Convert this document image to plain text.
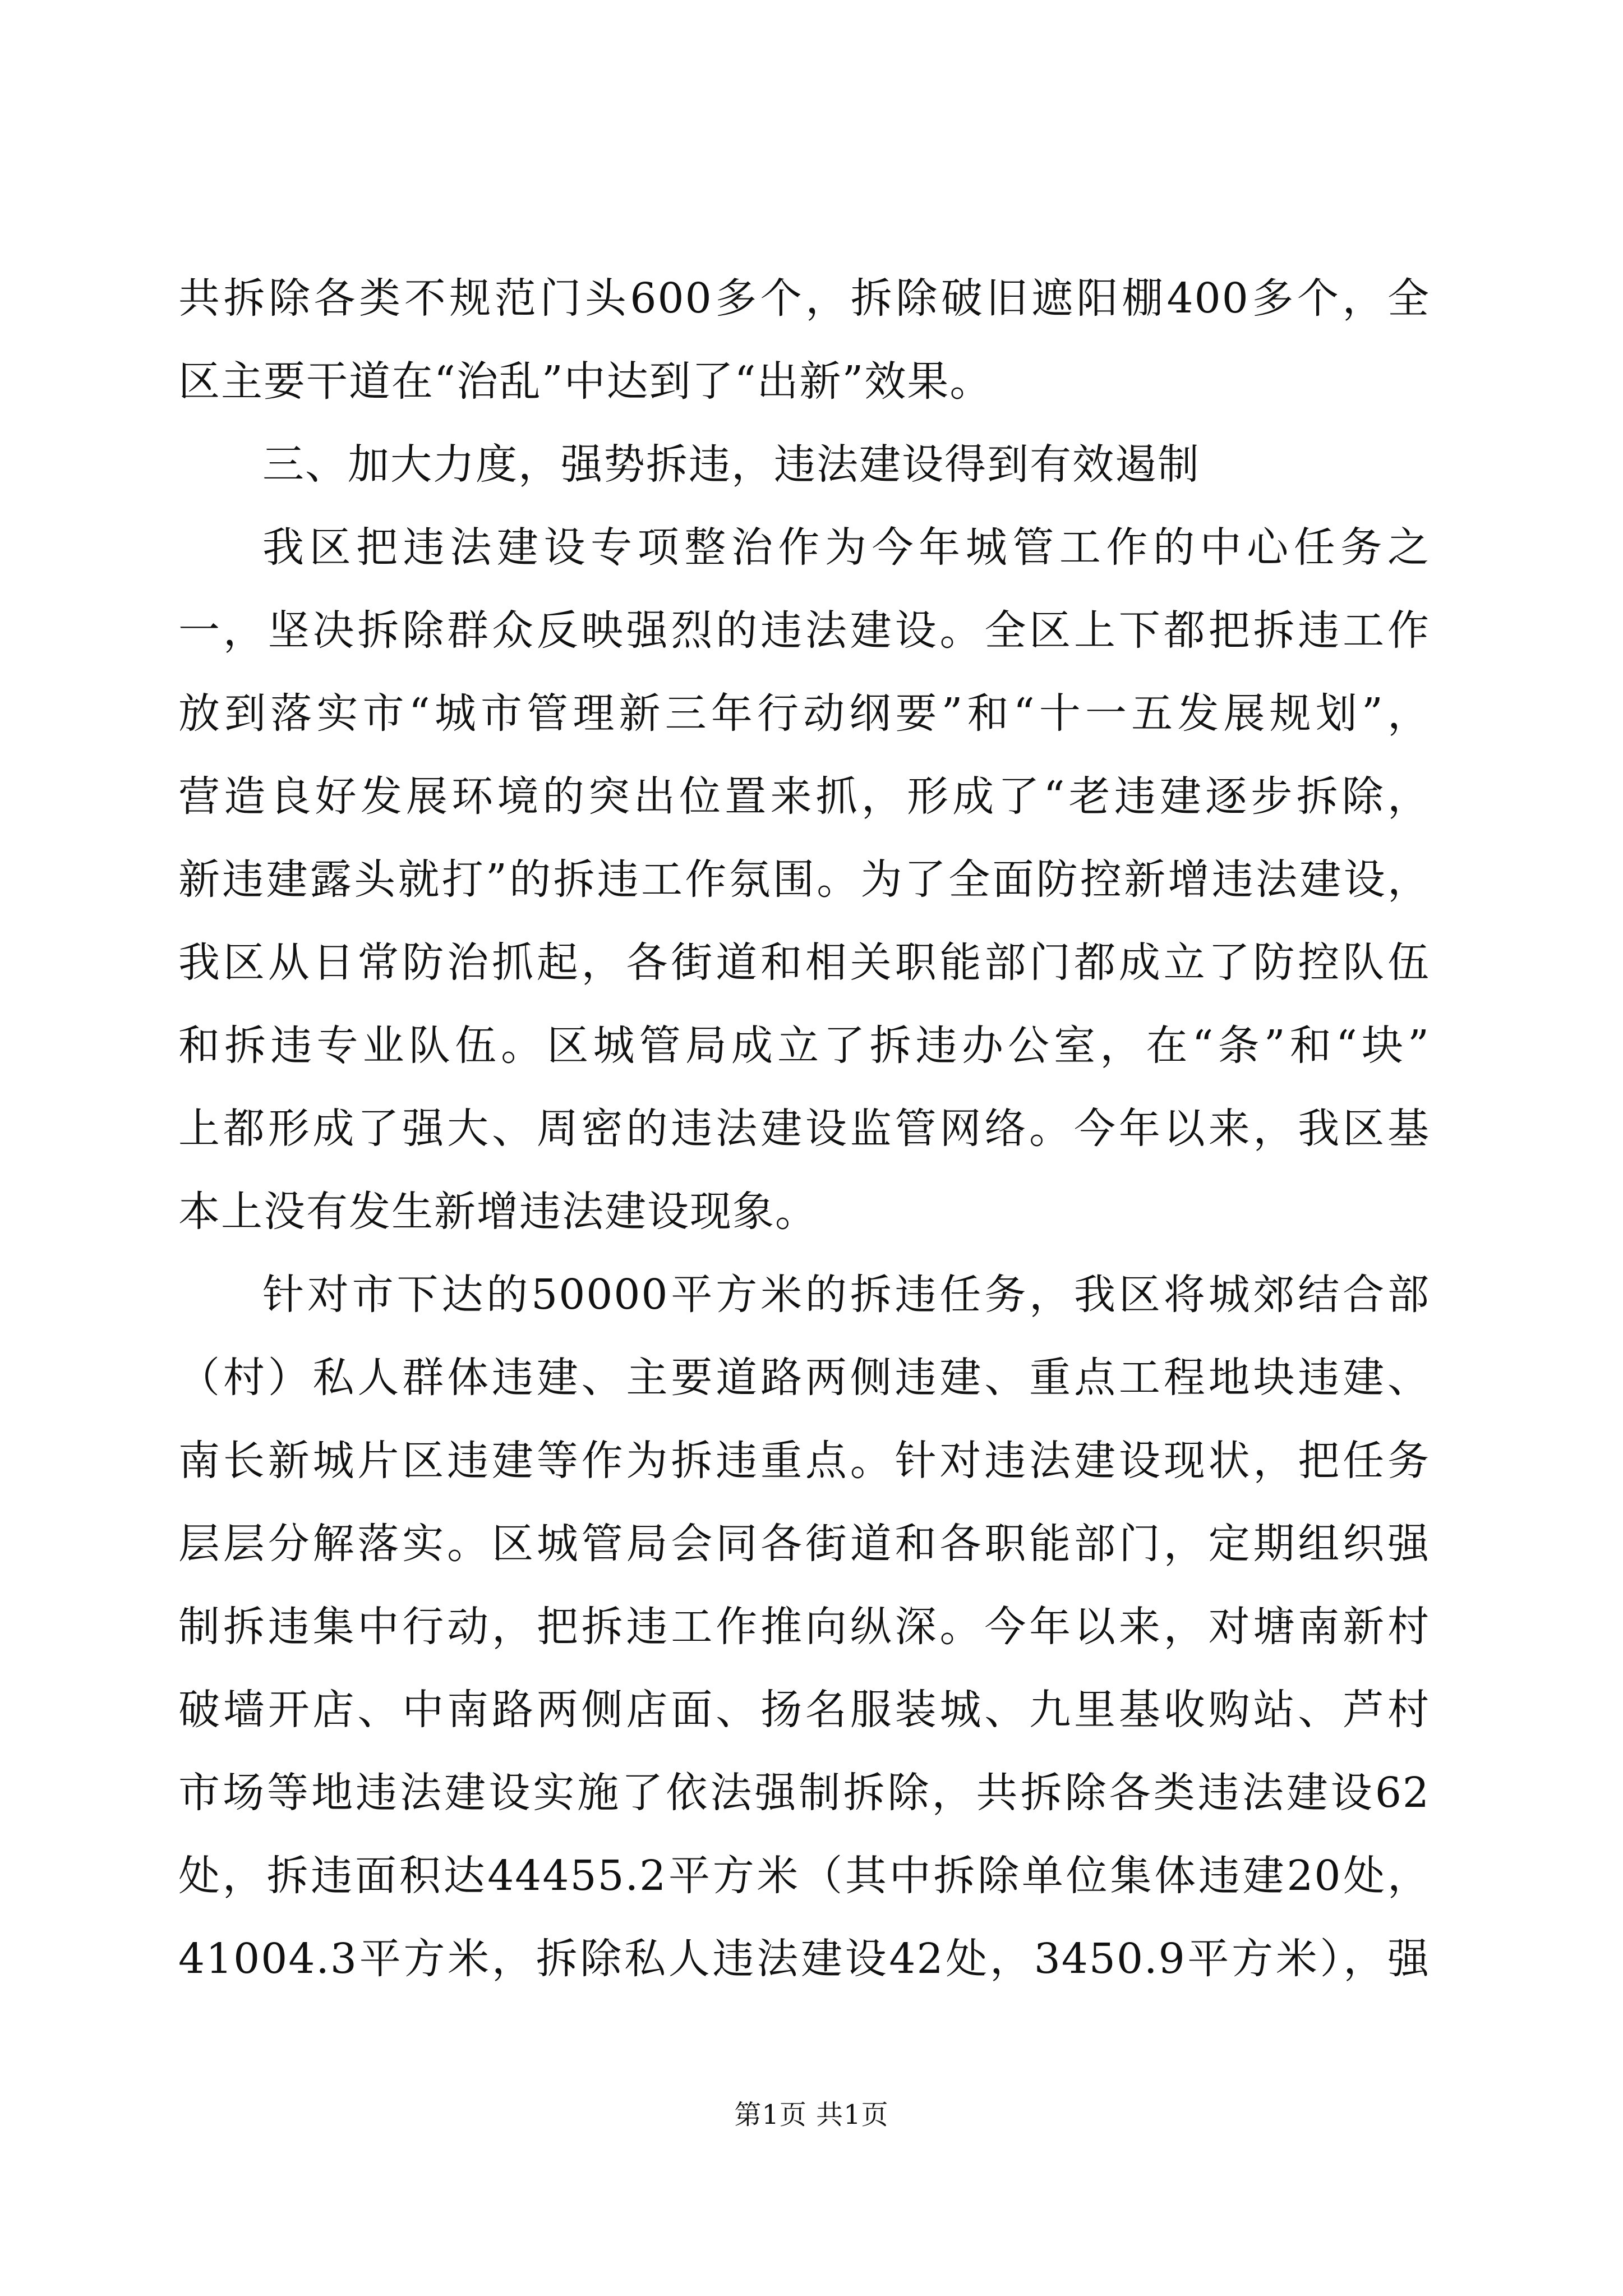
共拆除各类不规范门头600多个，拆除破旧遮阳棚400多个，全
区主要干道在“治乱”中达到了“出新”效果。
三、加大力度，强势拆违，违法建设得到有效遏制
我区把违法建设专项整治作为今年城管工作的中心任务之
一，坚决拆除群众反映强烈的违法建设。全区上下都把拆违工作
放到落实市“城市管理新三年行动纲要”和“十一五发展规划”，
营造良好发展环境的突出位置来抓，形成了“老违建逐步拆除，
新违建露头就打”的拆违工作氛围。为了全面防控新增违法建设，
我区从日常防治抓起，各街道和相关职能部门都成立了防控队伍
和拆违专业队伍。区城管局成立了拆违办公室，在“条”和“块”
上都形成了强大、周密的违法建设监管网络。今年以来，我区基
本上没有发生新增违法建设现象。
针对市下达的50000平方米的拆违任务，我区将城郊结合部
（村）私人群体违建、主要道路两侧违建、重点工程地块违建、
南长新城片区违建等作为拆违重点。针对违法建设现状，把任务
层层分解落实。区城管局会同各街道和各职能部门，定期组织强
制拆违集中行动，把拆违工作推向纵深。今年以来，对塘南新村
破墙开店、中南路两侧店面、扬名服装城、九里基收购站、芦村
市场等地违法建设实施了依法强制拆除，共拆除各类违法建设62
处，拆违面积达44455.2平方米（其中拆除单位集体违建20处，
41004.3平方米，拆除私人违法建设42处，3450.9平方米），强
第1页 共1页
